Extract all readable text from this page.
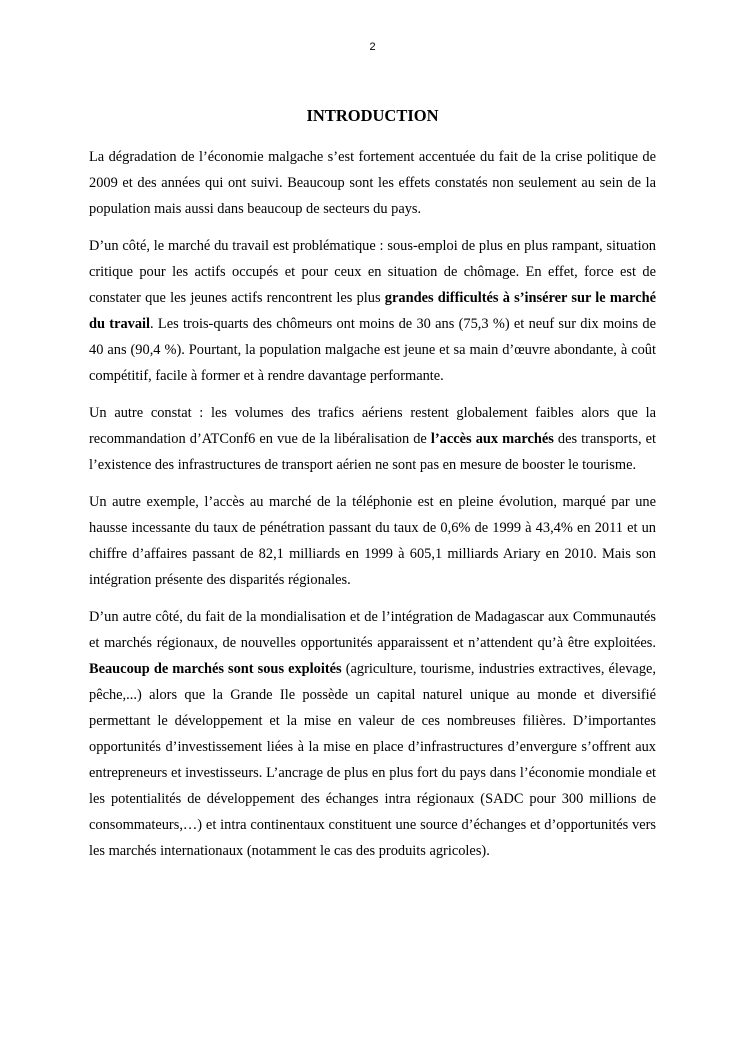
2
INTRODUCTION

La dégradation de l’économie malgache s’est fortement accentuée du fait de la crise politique de 2009 et des années qui ont suivi. Beaucoup sont les effets constatés non seulement au sein de la population mais aussi dans beaucoup de secteurs du pays.

D’un côté, le marché du travail est problématique : sous-emploi de plus en plus rampant, situation critique pour les actifs occupés et pour ceux en situation de chômage. En effet, force est de constater que les jeunes actifs rencontrent les plus grandes difficultés à s’insérer sur le marché du travail. Les trois-quarts des chômeurs ont moins de 30 ans (75,3 %) et neuf sur dix moins de 40 ans (90,4 %). Pourtant, la population malgache est jeune et sa main d’œuvre abondante, à coût compétitif, facile à former et à rendre davantage performante.

Un autre constat : les volumes des trafics aériens restent globalement faibles alors que la recommandation d’ATConf6 en vue de la libéralisation de l’accès aux marchés des transports, et l’existence des infrastructures de transport aérien ne sont pas en mesure de booster le tourisme.

Un autre exemple, l’accès au marché de la téléphonie est en pleine évolution, marqué par une hausse incessante du taux de pénétration passant du taux de 0,6% de 1999 à 43,4% en 2011 et un chiffre d’affaires passant de 82,1 milliards en 1999 à 605,1 milliards Ariary en 2010. Mais son intégration présente des disparités régionales.

D’un autre côté, du fait de la mondialisation et de l’intégration de Madagascar aux Communautés et marchés régionaux, de nouvelles opportunités apparaissent et n’attendent qu’à être exploitées. Beaucoup de marchés sont sous exploités (agriculture, tourisme, industries extractives, élevage, pêche,...) alors que la Grande Ile possède un capital naturel unique au monde et diversifié permettant le développement et la mise en valeur de ces nombreuses filières. D’importantes opportunités d’investissement liées à la mise en place d’infrastructures d’envergure s’offrent aux entrepreneurs et investisseurs. L’ancrage de plus en plus fort du pays dans l’économie mondiale et les potentialités de développement des échanges intra régionaux (SADC pour 300 millions de consommateurs,…) et intra continentaux constituent une source d’échanges et d’opportunités vers les marchés internationaux (notamment le cas des produits agricoles).
